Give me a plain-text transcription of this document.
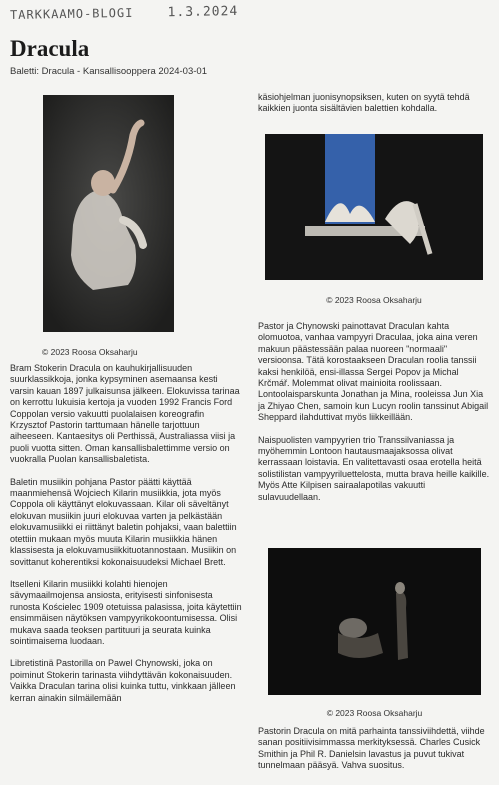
TARKKAAMO-BLOGI	1.3.2024
Dracula
Baletti: Dracula - Kansallisooppera 2024-03-01
© 2023 Roosa Oksaharju

Bram Stokerin Dracula on kauhukirjallisuuden suurklassikkoja, jonka kypsyminen asemaansa kesti varsin kauan 1897 julkaisunsa jälkeen. Elokuvissa tarinaa on kerrottu lukuisia kertoja ja vuoden 1992 Francis Ford Coppolan versio vakuutti puolalaisen koreografin Krzysztof Pastorin tarttumaan hänelle tarjottuun aiheeseen. Kantaesitys oli Perthissä, Australiassa viisi ja puoli vuotta sitten. Oman kansallisbalettimme versio on vuokralla Puolan kansallisbaletista.

Baletin musiikin pohjana Pastor päätti käyttää maanmiehensä Wojciech Kilarin musiikkia, jota myös Coppola oli käyttänyt elokuvassaan. Kilar oli säveltänyt elokuvan musiikin juuri elokuvaa varten ja pelkästään elokuvamusiikki ei riittänyt baletin pohjaksi, vaan balettiin otettiin mukaan myös muuta Kilarin musiikkia hänen klassisesta ja elokuvamusiikkituotannostaan. Musiikin on sovittanut koherentiksi kokonaisuudeksi Michael Brett.

Itselleni Kilarin musiikki kolahti hienojen sävymaailmojensa ansiosta, erityisesti sinfonisesta runosta Kościelec 1909 otetuissa palasissa, joita käytettiin ensimmäisen näytöksen vampyyrikokoontumisessa. Olisi mukava saada teoksen partituuri ja seurata kuinka sointimaisema luodaan.

Libretistinä Pastorilla on Pawel Chynowski, joka on poiminut Stokerin tarinasta viihdyttävän kokonaisuuden. Vaikka Draculan tarina olisi kuinka tuttu, vinkkaan jälleen kerran ainakin silmäilemään

käsiohjelman juonisynopsiksen, kuten on syytä tehdä kaikkien juonta sisältävien balettien kohdalla.

© 2023 Roosa Oksaharju

Pastor ja Chynowski painottavat Draculan kahta olomuotoa, vanhaa vampyyri Draculaa, joka aina veren makuun päästessään palaa nuoreen "normaali" versioonsa. Tätä korostaakseen Draculan roolia tanssii kaksi henkilöä, ensi-illassa Sergei Popov ja Michal Krčmář. Molemmat olivat mainioita roolissaan. Lontoolaisparskunta Jonathan ja Mina, rooleissa Jun Xia ja Zhiyao Chen, samoin kun Lucyn roolin tanssinut Abigail Sheppard ilahduttivat myös liikkeillään.

Naispuolisten vampyyrien trio Transsilvaniassa ja myöhemmin Lontoon hautausmaajaksossa olivat kerrassaan loistavia. En valitettavasti osaa erotella heitä solistilistan vampyyriluettelosta, mutta brava heille kaikille. Myös Atte Kilpisen sairaalapotilas vakuutti sulavuudellaan.

© 2023 Roosa Oksaharju

Pastorin Dracula on mitä parhainta tanssiviihdettä, viihde sanan positiivisimmassa merkityksessä. Charles Cusick Smithin ja Phil R. Danielsin lavastus ja puvut tukivat tunnelmaan pääsyä. Vahva suositus.
